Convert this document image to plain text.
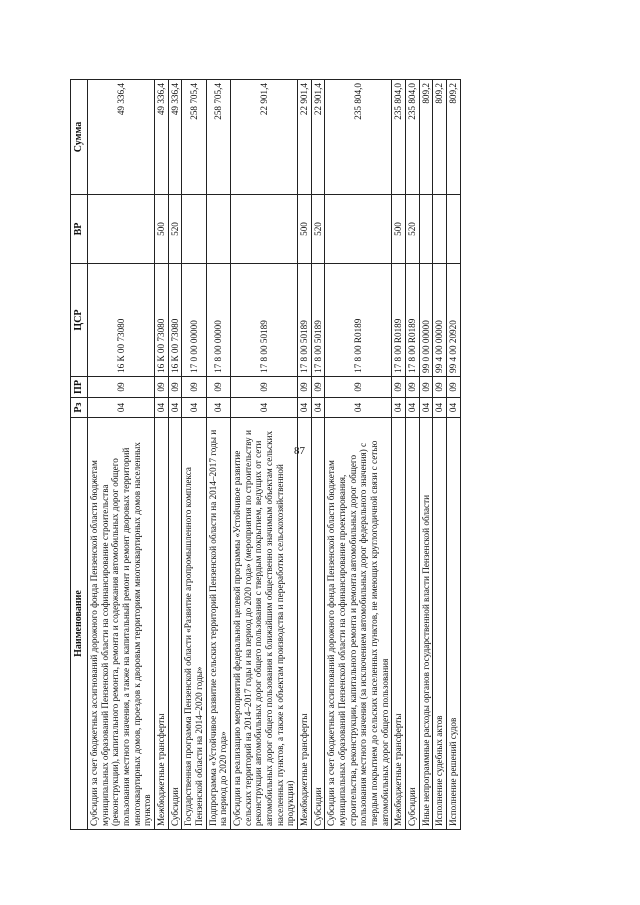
87
Наименование	Рз	ПР	ЦСР	ВР	Сумма
Субсидии за счет бюджетных ассигнований дорожного фонда Пензенской области бюджетам муниципальных образований Пензенской области на софинансирование строительства (реконструкции), капитального ремонта, ремонта и содержания автомобильных дорог общего пользования местного значения, а также на капитальный ремонт и ремонт дворовых территорий многоквартирных домов, проездов к дворовым территориям многоквартирных домов населенных пунктов	04	09	16 К 00 73080		49 336,4
Межбюджетные трансферты	04	09	16 К 00 73080	500	49 336,4
Субсидии	04	09	16 К 00 73080	520	49 336,4
Государственная программа Пензенской области «Развитие агропромышленного комплекса Пензенской области на 2014–2020 годы»	04	09	17 0 00 00000		258 705,4
Подпрограмма «Устойчивое развитие сельских территорий Пензенской области на 2014–2017 годы и на период до 2020 года»	04	09	17 8 00 00000		258 705,4
Субсидии на реализацию мероприятий федеральной целевой программы «Устойчивое развитие сельских территорий на 2014–2017 годы и на период до 2020 года» (мероприятия по строительству и реконструкции автомобильных дорог общего пользования с твердым покрытием, ведущих от сети автомобильных дорог общего пользования к ближайшим общественно значимым объектам сельских населенных пунктов, а также к объектам производства и переработки сельскохозяйственной продукции)	04	09	17 8 00 50189		22 901,4
Межбюджетные трансферты	04	09	17 8 00 50189	500	22 901,4
Субсидии	04	09	17 8 00 50189	520	22 901,4
Субсидии за счет бюджетных ассигнований дорожного фонда Пензенской области бюджетам муниципальных образований Пензенской области на софинансирование проектирования, строительства, реконструкции, капитального ремонта и ремонта автомобильных дорог общего пользования местного значения (за исключением автомобильных дорог федерального значения) с твердым покрытием до сельских населенных пунктов, не имеющих круглогодичной связи с сетью автомобильных дорог общего пользования	04	09	17 8 00 R0189		235 804,0
Межбюджетные трансферты	04	09	17 8 00 R0189	500	235 804,0
Субсидии	04	09	17 8 00 R0189	520	235 804,0
Иные непрограммные расходы органов государственной власти Пензенской области	04	09	99 0 00 00000		809,2
Исполнение судебных актов	04	09	99 4 00 00000		809,2
Исполнение решений судов	04	09	99 4 00 20920		809,2
